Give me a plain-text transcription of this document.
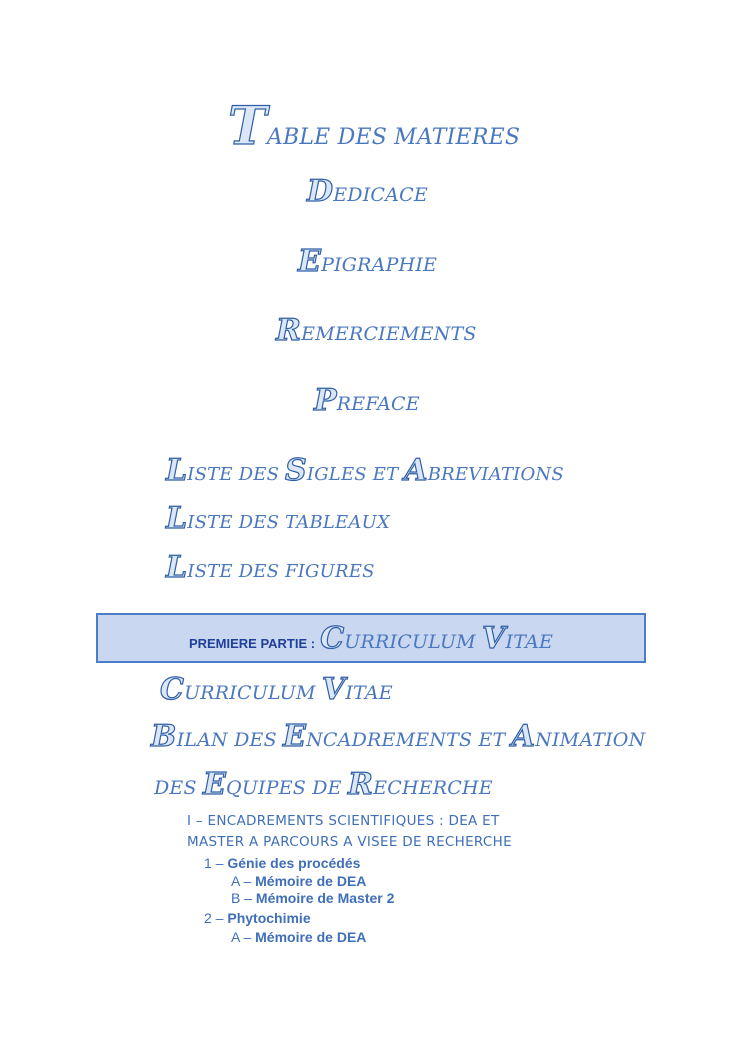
TABLE DES MATIERES
DEDICACE
EPIGRAPHIE
REMERCIEMENTS
PREFACE
LISTE DES SIGLES ET ABREVIATIONS
LISTE DES TABLEAUX
LISTE DES FIGURES
PREMIERE PARTIE : CURRICULUM VITAE
CURRICULUM VITAE
BILAN DES ENCADREMENTS ET ANIMATION
DES EQUIPES DE RECHERCHE
I – ENCADREMENTS SCIENTIFIQUES : DEA ET
MASTER A PARCOURS A VISEE DE RECHERCHE
1 – Génie des procédés
A – Mémoire de DEA
B – Mémoire de Master 2
2 – Phytochimie
A – Mémoire de DEA
